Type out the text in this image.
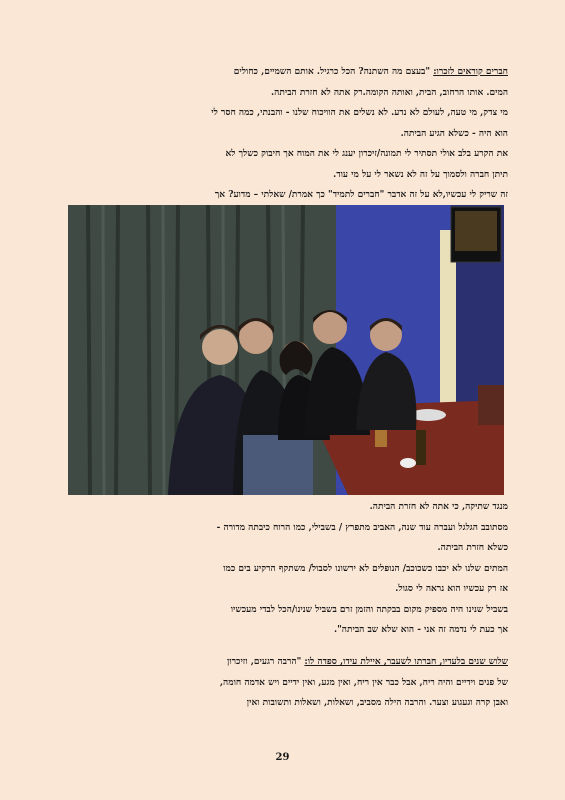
חברים קוראים לזכרו: "בעצם מה השתנה? הכל כרגיל. אותם השמיים, כחולים
המים. אותו הרחוב, הבית, ואותה הקומה.רק אתה לא חזרת הביתה.
מי צדק, מי טעה, לעולם לא נדע. לא נשלים את הוויכוח שלנו - והבנתי, כמה חסר לי
הוא היה - כשלא הגיע הביתה.
את הקרע בלב אולי תסתיר לי תמונה/זיכרון יענג לי את המוח אך חיבוק כשלך לא
תיתן חברה ולסמוך על זה לא נשאר לי על מי עוד.
זה שריק לי עכשיו,לא על זה אדבר "חברים לתמיד" כך אמרת/ שאלתי – מדוע? אך
מנגד שתיקה, כי אתה לא חזרת הביתה.
מסתובב הגלגל ועברה עוד שנה, האביב מתפרץ / בשבילי, כמו הרוח כיבתה מדורה -
כשלא חזרת הביתה.
המתים שלנו לא יכבו כשכוכב/ הנופלים לא ירשונו לסבול/ משתקף הרקיע בים כמו
אז רק עכשיו הוא נראה לי סגול.
בשביל שנינו היה מספיק מקום בבקתה והזמן זרם בשביל שנינו/הכל לבדי מעכשיו
אך כעת לי נדמה זה אני - הוא שלא שב הביתה".
שלוש שנים בלעדיו, חברתו לשעבר, איילת עידו, ספדה לו: "הרבה רגעים, וזיכרון
של פנים וידיים והיה ריח, אבל כבר אין ריח, ואין מגע, ואין ידיים ויש אדמה חומה,
ואבן קרה וגעגוע וצער. והרבה הילה מסביב, ושאלות, ושאלות ותשובות ואין
29
